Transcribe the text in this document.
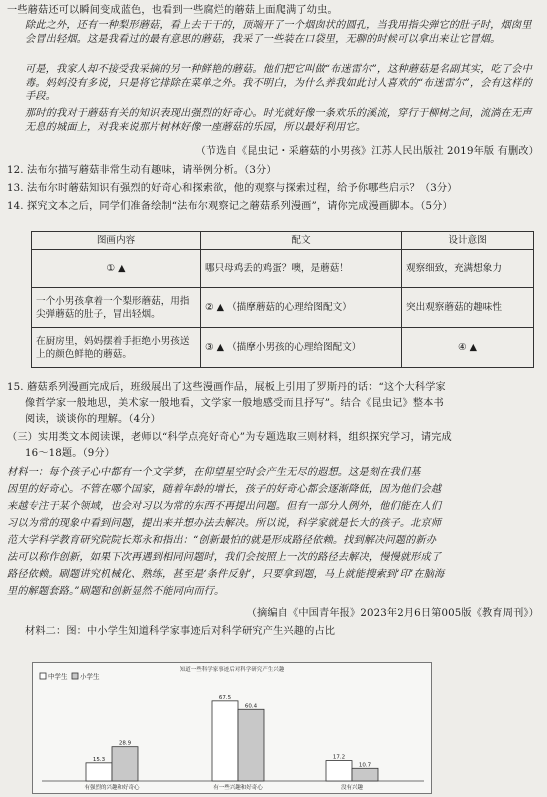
一些蘑菇还可以瞬间变成蓝色，也看到一些腐烂的蘑菇上面爬满了幼虫。
除此之外，还有一种梨形蘑菇，看上去干干的，顶端开了一个烟囱状的圆孔，当我用指尖弹它的肚子时，烟囱里会冒出轻烟。这是我看过的最有意思的蘑菇，我采了一些装在口袋里，无聊的时候可以拿出来让它冒烟。
可是，我家人却不接受我采摘的另一种鲜艳的蘑菇。他们把它叫做“布迷雷尔”，这种蘑菇是名副其实，吃了会中毒。妈妈没有多说，只是将它排除在菜单之外。我不明白，为什么养我如此讨人喜欢的“布迷雷尔”，会有这样的手段。
那时的我对于蘑菇有关的知识表现出强烈的好奇心。时光就好像一条欢乐的溪流，穿行于柳树之间，流淌在无声无息的城面上，对我来说那片树林好像一座蘑菇的乐园，所以最好利用它。
（节选自《昆虫记・采蘑菇的小男孩》江苏人民出版社 2019年版 有删改）
12. 法布尔描写蘑菇非常生动有趣味，请举例分析。（3分）
13. 法布尔时蘑菇知识有强烈的好奇心和探索欲，他的观察与探索过程，给予你哪些启示？（3分）
14. 探究文本之后，同学们准备绘制“法布尔观察记之蘑菇系列漫画”，请你完成漫画脚本。（5分）
图画内容	配文	设计意图
① ▲	哪只母鸡丢的鸡蛋？噢，是蘑菇！	观察细致，充满想象力
一个小男孩拿着一个梨形蘑菇，用指尖弹蘑菇的肚子，冒出轻烟。	② ▲ （描摩蘑菇的心理给图配文）	突出观察蘑菇的趣味性
在厨房里，妈妈摆着手拒绝小男孩送上的颜色鲜艳的蘑菇。	③ ▲ （描摩小男孩的心理给图配文）	④ ▲
15. 蘑菇系列漫画完成后，班级展出了这些漫画作品，展板上引用了罗斯丹的话：“这个大科学家
像哲学家一般地思，美术家一般地看，文学家一般地感受而且抒写”。结合《昆虫记》整本书
阅读，谈谈你的理解。（4分）
（三）实用类文本阅读课，老师以“科学点亮好奇心”为专题选取三则材料，组织探究学习，请完成
16～18题。（9分）
材料一：每个孩子心中都有一个文学梦，在仰望星空时会产生无尽的遐想。这是刻在我们基
因里的好奇心。不管在哪个国家，随着年龄的增长，孩子的好奇心都会逐渐降低，因为他们会越
来越专注于某个领域，也会对习以为常的东西不再提出问题。但有一部分人例外，他们能在人们
习以为常的现象中看到问题，提出来并想办法去解决。所以说，科学家就是长大的孩子。北京师
范大学科学教育研究院院长郑永和指出：“创新最怕的就是形成路径依赖。找到解决问题的新办
法可以称作创新，如果下次再遇到相同问题时，我们会按照上一次的路径去解决，慢慢就形成了
路径依赖。刷题讲究机械化、熟练，甚至是‘条件反射’，只要拿到题，马上就能搜索到‘印’在脑海
里的解题套路。”刷题和创新显然不能同向而行。
（摘编自《中国青年报》2023年2月6日第005版《教育周刊》）
材料二：图：中小学生知道科学家事迹后对科学研究产生兴趣的占比
知道一些科学家事迹后对科学研究产生兴趣
中学生 小学生
15.3
28.9
有强烈的兴趣和好奇心
67.5
60.4
有一些兴趣和好奇心
17.2
10.7
没有兴趣
